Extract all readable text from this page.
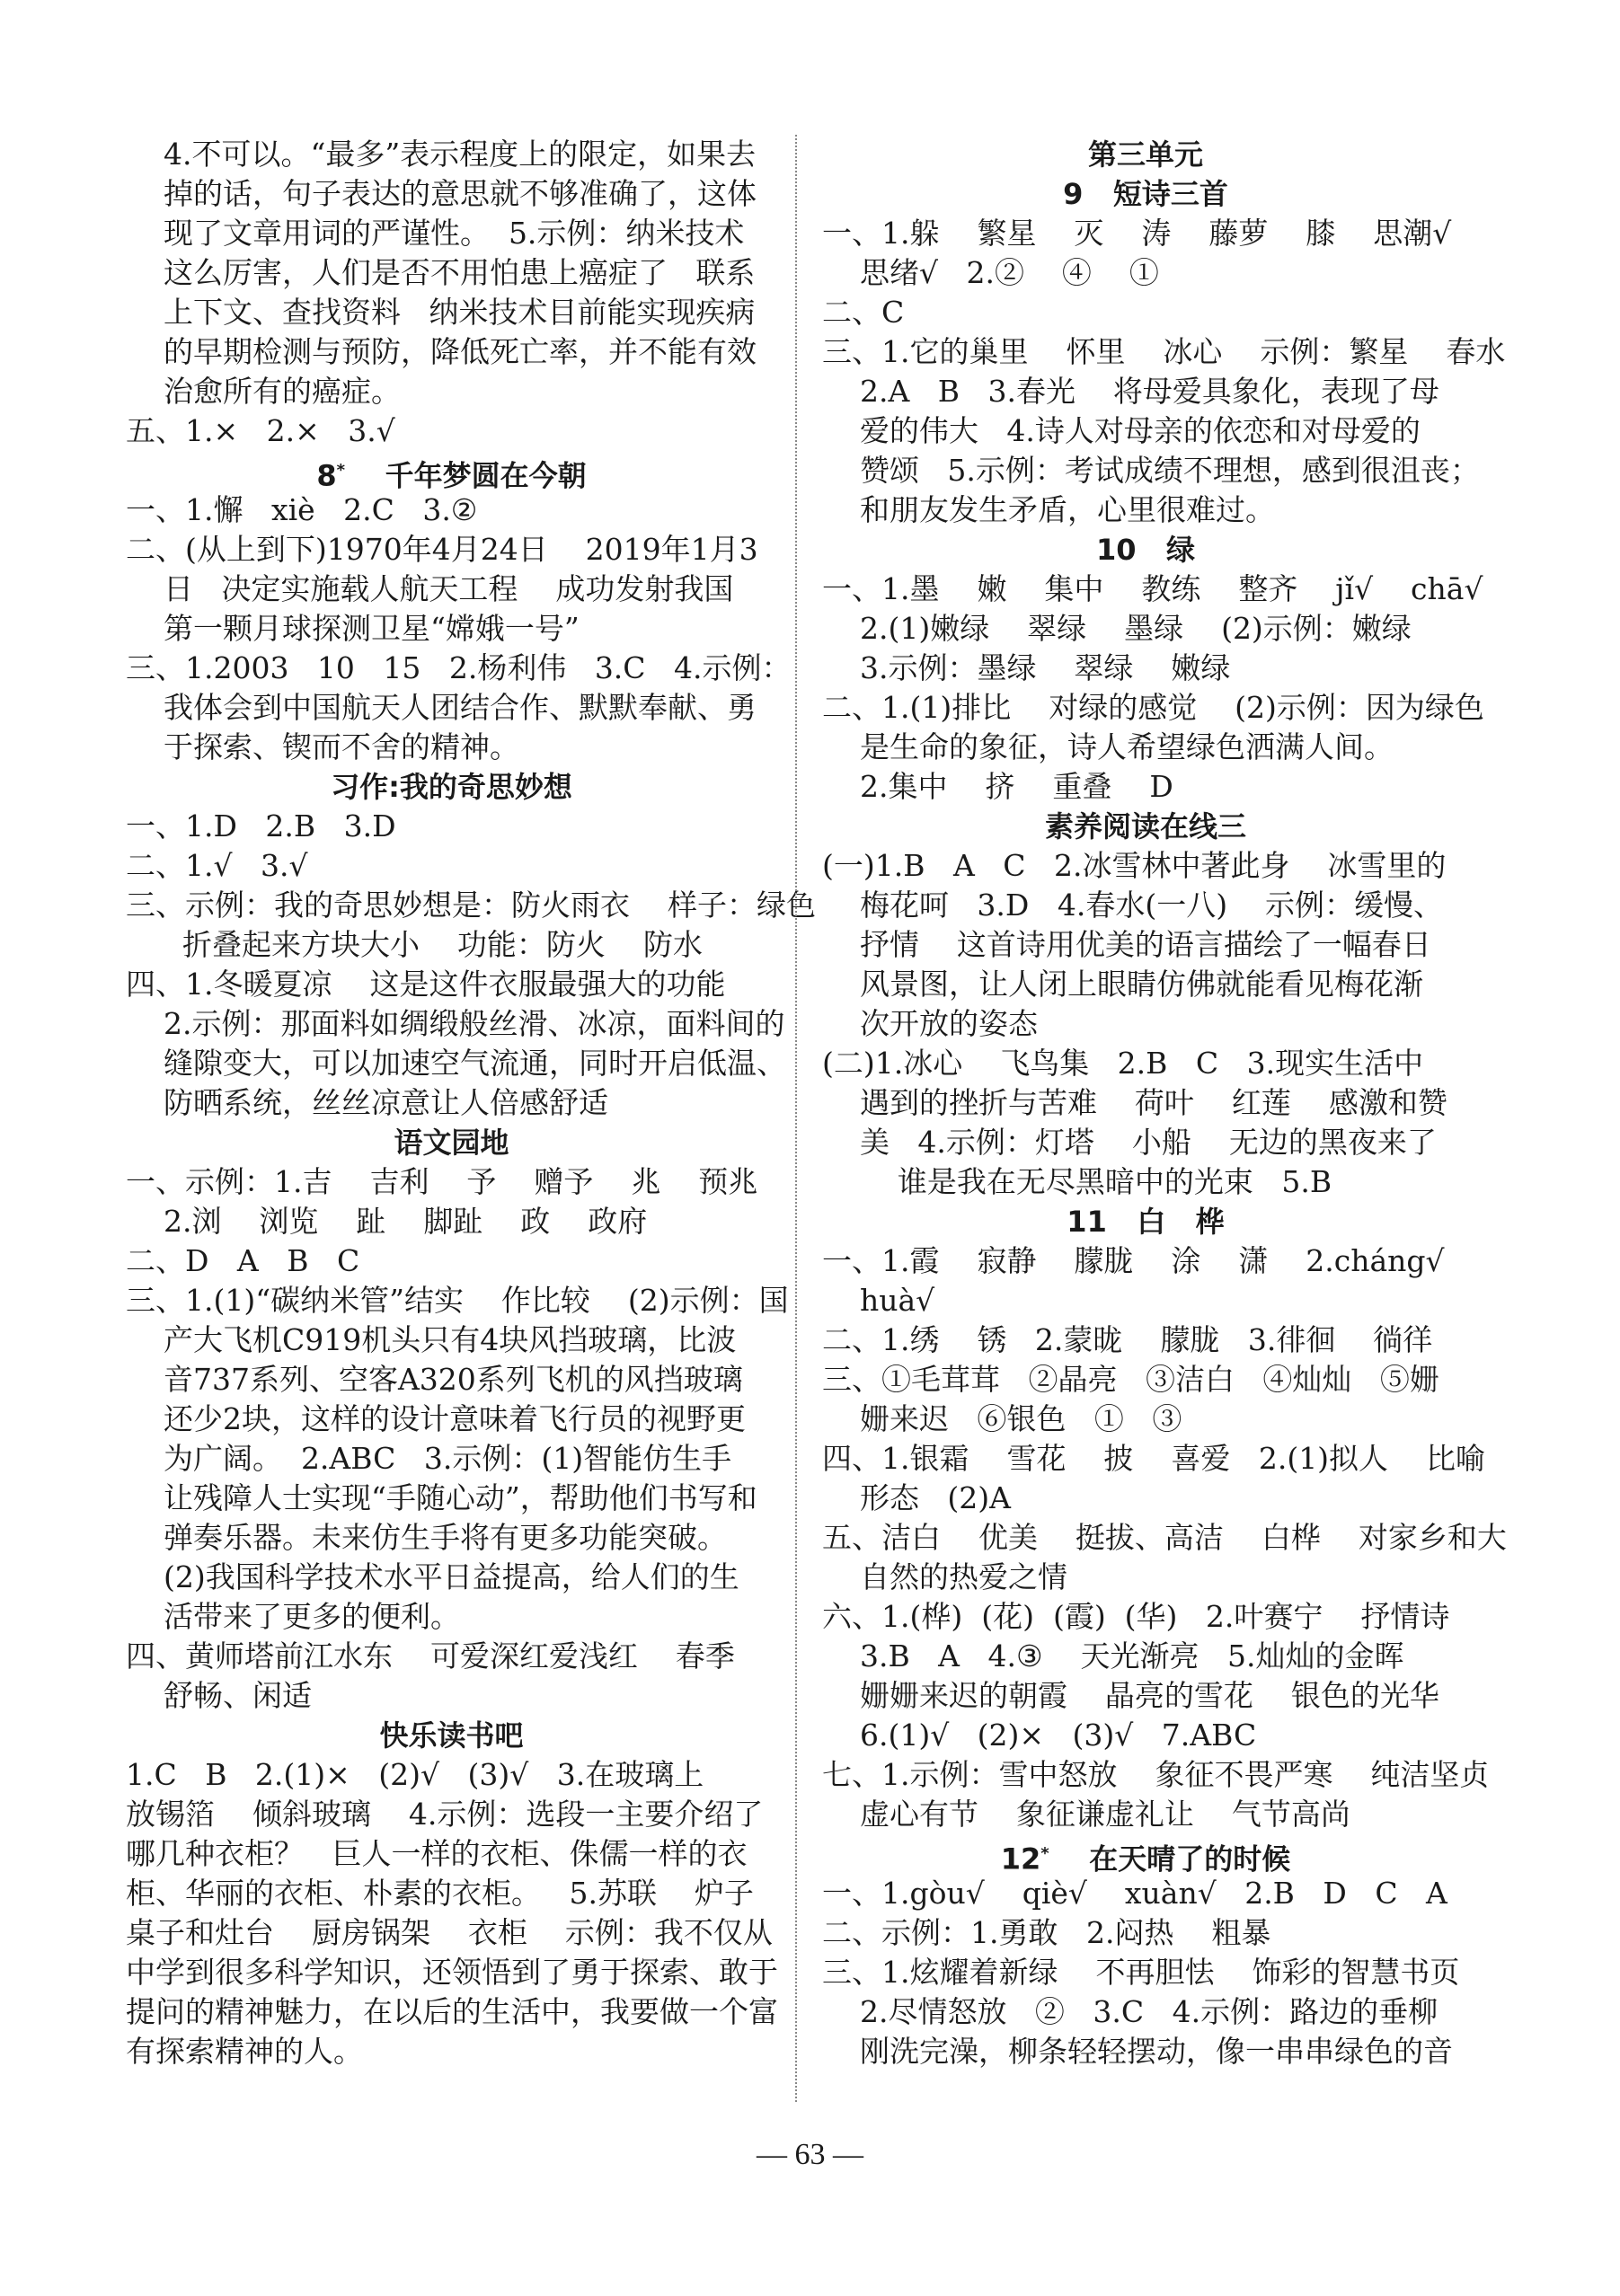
4.不可以。“最多”表示程度上的限定，如果去
掉的话，句子表达的意思就不够准确了，这体
现了文章用词的严谨性。  5.示例：纳米技术
这么厉害，人们是否不用怕患上癌症了   联系
上下文、查找资料   纳米技术目前能实现疾病
的早期检测与预防，降低死亡率，并不能有效
治愈所有的癌症。
五、1.×   2.×   3.√
8*    千年梦圆在今朝
一、1.懈   xiè   2.C   3.②
二、(从上到下)1970年4月24日    2019年1月3
日   决定实施载人航天工程    成功发射我国
第一颗月球探测卫星“嫦娥一号”
三、1.2003   10   15   2.杨利伟   3.C   4.示例：
我体会到中国航天人团结合作、默默奉献、勇
于探索、锲而不舍的精神。
习作:我的奇思妙想
一、1.D   2.B   3.D
二、1.√   3.√
三、示例：我的奇思妙想是：防火雨衣    样子：绿色
折叠起来方块大小    功能：防火    防水
四、1.冬暖夏凉    这是这件衣服最强大的功能
2.示例：那面料如绸缎般丝滑、冰凉，面料间的
缝隙变大，可以加速空气流通，同时开启低温、
防晒系统，丝丝凉意让人倍感舒适
语文园地
一、示例：1.吉    吉利    予    赠予    兆    预兆
2.浏    浏览    趾    脚趾    政    政府
二、D   A   B   C
三、1.(1)“碳纳米管”结实    作比较    (2)示例：国
产大飞机C919机头只有4块风挡玻璃，比波
音737系列、空客A320系列飞机的风挡玻璃
还少2块，这样的设计意味着飞行员的视野更
为广阔。  2.ABC   3.示例：(1)智能仿生手
让残障人士实现“手随心动”，帮助他们书写和
弹奏乐器。未来仿生手将有更多功能突破。
(2)我国科学技术水平日益提高，给人们的生
活带来了更多的便利。
四、黄师塔前江水东    可爱深红爱浅红    春季
舒畅、闲适
快乐读书吧
1.C   B   2.(1)×   (2)√   (3)√   3.在玻璃上
放锡箔    倾斜玻璃    4.示例：选段一主要介绍了
哪几种衣柜？   巨人一样的衣柜、侏儒一样的衣
柜、华丽的衣柜、朴素的衣柜。   5.苏联    炉子
桌子和灶台    厨房锅架    衣柜    示例：我不仅从
中学到很多科学知识，还领悟到了勇于探索、敢于
提问的精神魅力，在以后的生活中，我要做一个富
有探索精神的人。
第三单元
9   短诗三首
一、1.躲    繁星    灭    涛    藤萝    膝    思潮√
思绪√   2.②    ④    ①
二、C
三、1.它的巢里    怀里    冰心    示例：繁星    春水
2.A   B   3.春光    将母爱具象化，表现了母
爱的伟大   4.诗人对母亲的依恋和对母爱的
赞颂   5.示例：考试成绩不理想，感到很沮丧；
和朋友发生矛盾，心里很难过。
10   绿
一、1.墨    嫩    集中    教练    整齐    jǐ√    chā√
2.(1)嫩绿    翠绿    墨绿    (2)示例：嫩绿
3.示例：墨绿    翠绿    嫩绿
二、1.(1)排比    对绿的感觉    (2)示例：因为绿色
是生命的象征，诗人希望绿色洒满人间。
2.集中    挤    重叠    D
素养阅读在线三
(一)1.B   A   C   2.冰雪林中著此身    冰雪里的
梅花呵   3.D   4.春水(一八)    示例：缓慢、
抒情    这首诗用优美的语言描绘了一幅春日
风景图，让人闭上眼睛仿佛就能看见梅花渐
次开放的姿态
(二)1.冰心    飞鸟集   2.B   C   3.现实生活中
遇到的挫折与苦难    荷叶    红莲    感激和赞
美   4.示例：灯塔    小船    无边的黑夜来了
谁是我在无尽黑暗中的光束   5.B
11   白   桦
一、1.霞    寂静    朦胧    涂    潇    2.cháng√
huà√
二、1.绣    锈   2.蒙昽    朦胧   3.徘徊    徜徉
三、①毛茸茸   ②晶亮   ③洁白   ④灿灿   ⑤姗
姗来迟   ⑥银色   ①   ③
四、1.银霜    雪花    披    喜爱   2.(1)拟人    比喻
形态   (2)A
五、洁白    优美    挺拔、高洁    白桦    对家乡和大
自然的热爱之情
六、1.(桦)  (花)  (霞)  (华)   2.叶赛宁    抒情诗
3.B   A   4.③    天光渐亮   5.灿灿的金晖
姗姗来迟的朝霞    晶亮的雪花    银色的光华
6.(1)√   (2)×   (3)√   7.ABC
七、1.示例：雪中怒放    象征不畏严寒    纯洁坚贞
虚心有节    象征谦虚礼让    气节高尚
12*    在天晴了的时候
一、1.gòu√    qiè√    xuàn√   2.B   D   C   A
二、示例：1.勇敢   2.闷热    粗暴
三、1.炫耀着新绿    不再胆怯    饰彩的智慧书页
2.尽情怒放   ②   3.C   4.示例：路边的垂柳
刚洗完澡，柳条轻轻摆动，像一串串绿色的音
— 63 —
